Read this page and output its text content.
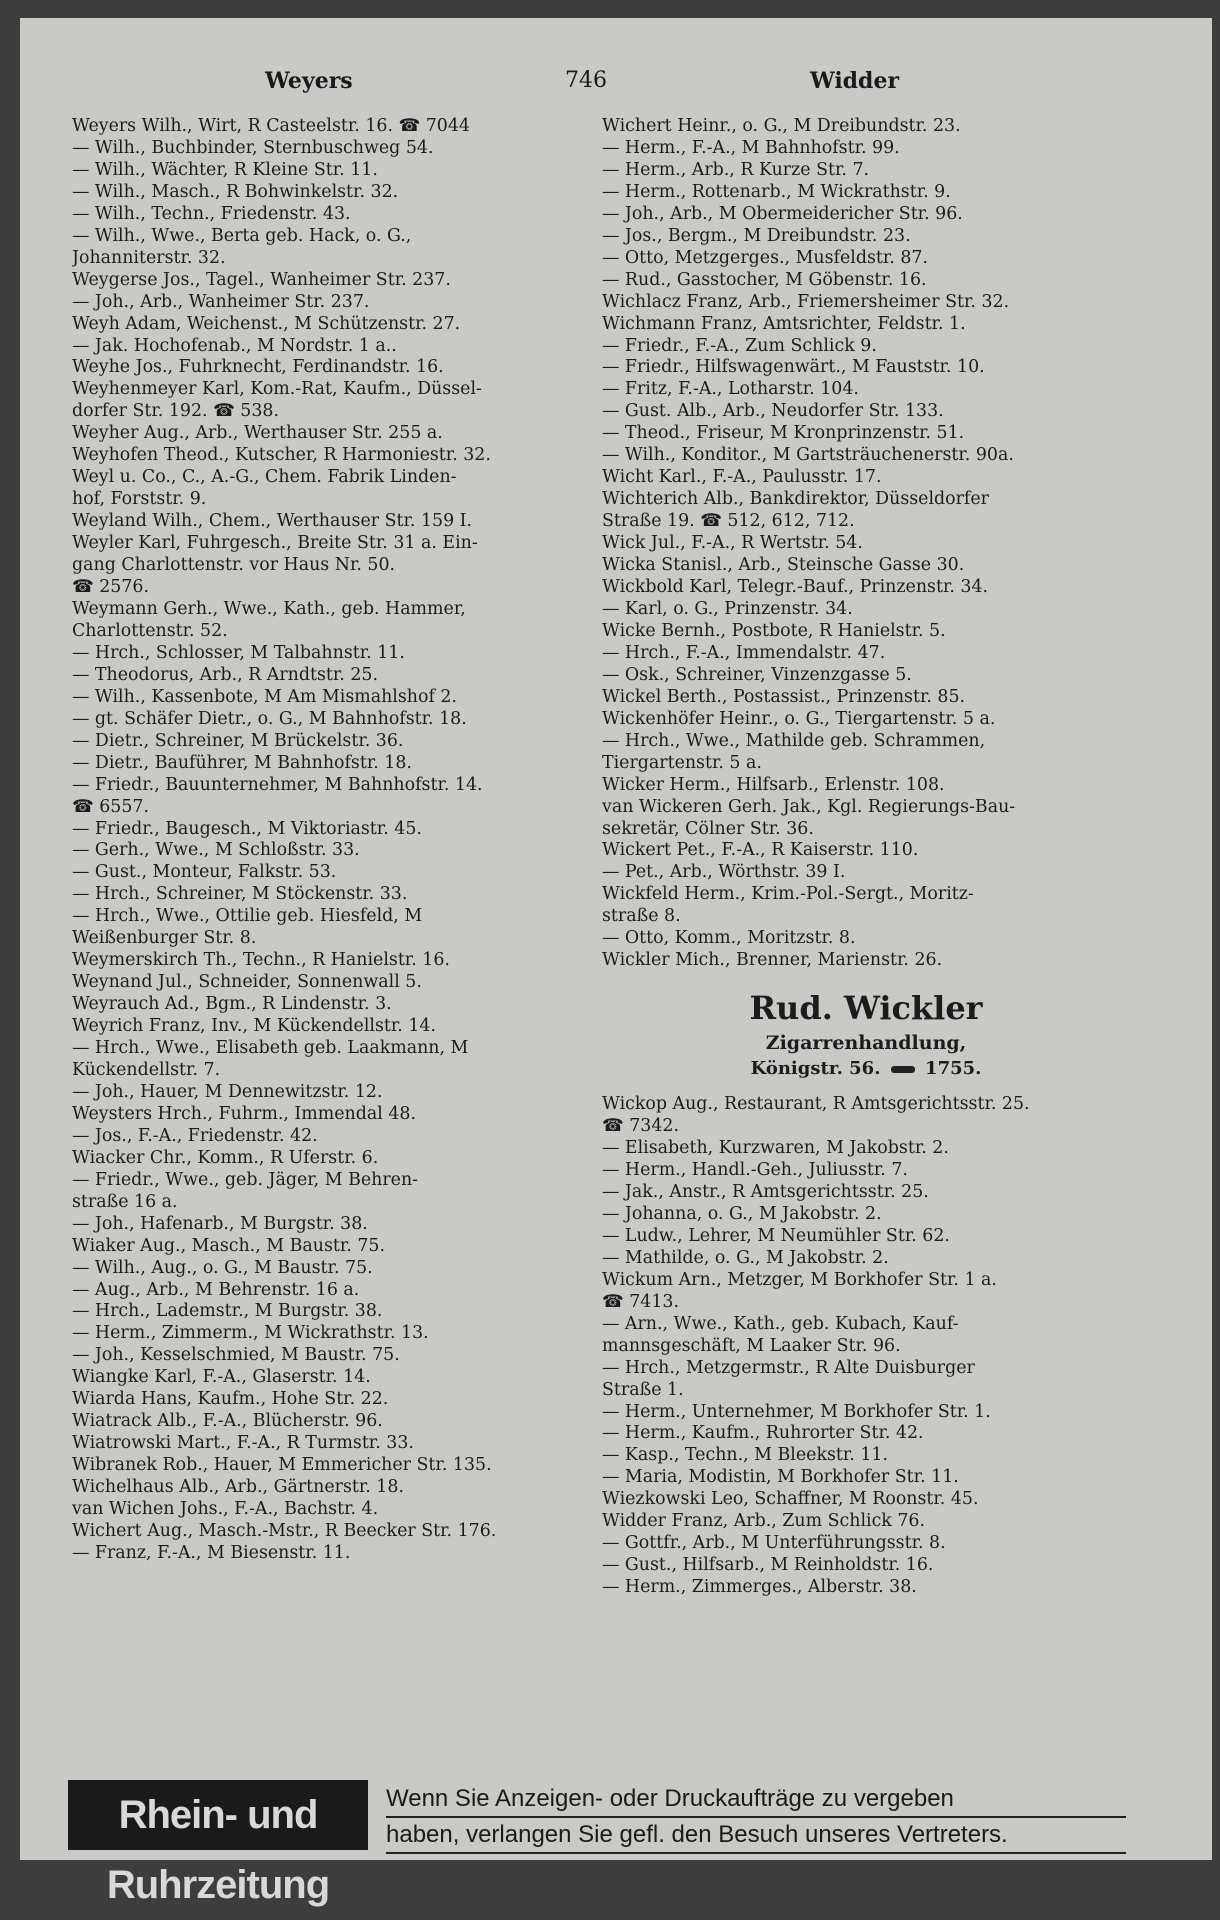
Weyers	746	Widder
Weyers Wilh., Wirt, R Casteelstr. 16. ☎ 7044
— Wilh., Buchbinder, Sternbuschweg 54.
— Wilh., Wächter, R Kleine Str. 11.
— Wilh., Masch., R Bohwinkelstr. 32.
— Wilh., Techn., Friedenstr. 43.
— Wilh., Wwe., Berta geb. Hack, o. G.,
Johanniterstr. 32.
Weygerse Jos., Tagel., Wanheimer Str. 237.
— Joh., Arb., Wanheimer Str. 237.
Weyh Adam, Weichenst., M Schützenstr. 27.
— Jak. Hochofenab., M Nordstr. 1 a..
Weyhe Jos., Fuhrknecht, Ferdinandstr. 16.
Weyhenmeyer Karl, Kom.-Rat, Kaufm., Düssel-
dorfer Str. 192. ☎ 538.
Weyher Aug., Arb., Werthauser Str. 255 a.
Weyhofen Theod., Kutscher, R Harmoniestr. 32.
Weyl u. Co., C., A.-G., Chem. Fabrik Linden-
hof, Forststr. 9.
Weyland Wilh., Chem., Werthauser Str. 159 I.
Weyler Karl, Fuhrgesch., Breite Str. 31 a. Ein-
gang Charlottenstr. vor Haus Nr. 50.
☎ 2576.
Weymann Gerh., Wwe., Kath., geb. Hammer,
Charlottenstr. 52.
— Hrch., Schlosser, M Talbahnstr. 11.
— Theodorus, Arb., R Arndtstr. 25.
— Wilh., Kassenbote, M Am Mismahlshof 2.
— gt. Schäfer Dietr., o. G., M Bahnhofstr. 18.
— Dietr., Schreiner, M Brückelstr. 36.
— Dietr., Bauführer, M Bahnhofstr. 18.
— Friedr., Bauunternehmer, M Bahnhofstr. 14.
☎ 6557.
— Friedr., Baugesch., M Viktoriastr. 45.
— Gerh., Wwe., M Schloßstr. 33.
— Gust., Monteur, Falkstr. 53.
— Hrch., Schreiner, M Stöckenstr. 33.
— Hrch., Wwe., Ottilie geb. Hiesfeld, M
Weißenburger Str. 8.
Weymerskirch Th., Techn., R Hanielstr. 16.
Weynand Jul., Schneider, Sonnenwall 5.
Weyrauch Ad., Bgm., R Lindenstr. 3.
Weyrich Franz, Inv., M Kückendellstr. 14.
— Hrch., Wwe., Elisabeth geb. Laakmann, M
Kückendellstr. 7.
— Joh., Hauer, M Dennewitzstr. 12.
Weysters Hrch., Fuhrm., Immendal 48.
— Jos., F.-A., Friedenstr. 42.
Wiacker Chr., Komm., R Uferstr. 6.
— Friedr., Wwe., geb. Jäger, M Behren-
straße 16 a.
— Joh., Hafenarb., M Burgstr. 38.
Wiaker Aug., Masch., M Baustr. 75.
— Wilh., Aug., o. G., M Baustr. 75.
— Aug., Arb., M Behrenstr. 16 a.
— Hrch., Lademstr., M Burgstr. 38.
— Herm., Zimmerm., M Wickrathstr. 13.
— Joh., Kesselschmied, M Baustr. 75.
Wiangke Karl, F.-A., Glaserstr. 14.
Wiarda Hans, Kaufm., Hohe Str. 22.
Wiatrack Alb., F.-A., Blücherstr. 96.
Wiatrowski Mart., F.-A., R Turmstr. 33.
Wibranek Rob., Hauer, M Emmericher Str. 135.
Wichelhaus Alb., Arb., Gärtnerstr. 18.
van Wichen Johs., F.-A., Bachstr. 4.
Wichert Aug., Masch.-Mstr., R Beecker Str. 176.
— Franz, F.-A., M Biesenstr. 11.
Wichert Heinr., o. G., M Dreibundstr. 23.
— Herm., F.-A., M Bahnhofstr. 99.
— Herm., Arb., R Kurze Str. 7.
— Herm., Rottenarb., M Wickrathstr. 9.
— Joh., Arb., M Obermeidericher Str. 96.
— Jos., Bergm., M Dreibundstr. 23.
— Otto, Metzgerges., Musfeldstr. 87.
— Rud., Gasstocher, M Göbenstr. 16.
Wichlacz Franz, Arb., Friemersheimer Str. 32.
Wichmann Franz, Amtsrichter, Feldstr. 1.
— Friedr., F.-A., Zum Schlick 9.
— Friedr., Hilfswagenwärt., M Fauststr. 10.
— Fritz, F.-A., Lotharstr. 104.
— Gust. Alb., Arb., Neudorfer Str. 133.
— Theod., Friseur, M Kronprinzenstr. 51.
— Wilh., Konditor., M Gartsträuchenerstr. 90a.
Wicht Karl., F.-A., Paulusstr. 17.
Wichterich Alb., Bankdirektor, Düsseldorfer
Straße 19. ☎ 512, 612, 712.
Wick Jul., F.-A., R Wertstr. 54.
Wicka Stanisl., Arb., Steinsche Gasse 30.
Wickbold Karl, Telegr.-Bauf., Prinzenstr. 34.
— Karl, o. G., Prinzenstr. 34.
Wicke Bernh., Postbote, R Hanielstr. 5.
— Hrch., F.-A., Immendalstr. 47.
— Osk., Schreiner, Vinzenzgasse 5.
Wickel Berth., Postassist., Prinzenstr. 85.
Wickenhöfer Heinr., o. G., Tiergartenstr. 5 a.
— Hrch., Wwe., Mathilde geb. Schrammen,
Tiergartenstr. 5 a.
Wicker Herm., Hilfsarb., Erlenstr. 108.
van Wickeren Gerh. Jak., Kgl. Regierungs-Bau-
sekretär, Cölner Str. 36.
Wickert Pet., F.-A., R Kaiserstr. 110.
— Pet., Arb., Wörthstr. 39 I.
Wickfeld Herm., Krim.-Pol.-Sergt., Moritz-
straße 8.
— Otto, Komm., Moritzstr. 8.
Wickler Mich., Brenner, Marienstr. 26.
Rud. Wickler
Zigarrenhandlung,
Königstr. 56. 1755.
Wickop Aug., Restaurant, R Amtsgerichtsstr. 25.
☎ 7342.
— Elisabeth, Kurzwaren, M Jakobstr. 2.
— Herm., Handl.-Geh., Juliusstr. 7.
— Jak., Anstr., R Amtsgerichtsstr. 25.
— Johanna, o. G., M Jakobstr. 2.
— Ludw., Lehrer, M Neumühler Str. 62.
— Mathilde, o. G., M Jakobstr. 2.
Wickum Arn., Metzger, M Borkhofer Str. 1 a.
☎ 7413.
— Arn., Wwe., Kath., geb. Kubach, Kauf-
mannsgeschäft, M Laaker Str. 96.
— Hrch., Metzgermstr., R Alte Duisburger
Straße 1.
— Herm., Unternehmer, M Borkhofer Str. 1.
— Herm., Kaufm., Ruhrorter Str. 42.
— Kasp., Techn., M Bleekstr. 11.
— Maria, Modistin, M Borkhofer Str. 11.
Wiezkowski Leo, Schaffner, M Roonstr. 45.
Widder Franz, Arb., Zum Schlick 76.
— Gottfr., Arb., M Unterführungsstr. 8.
— Gust., Hilfsarb., M Reinholdstr. 16.
— Herm., Zimmerges., Alberstr. 38.
Rhein- und Ruhrzeitung
Wenn Sie Anzeigen- oder Druckaufträge zu vergeben
haben, verlangen Sie gefl. den Besuch unseres Vertreters.
